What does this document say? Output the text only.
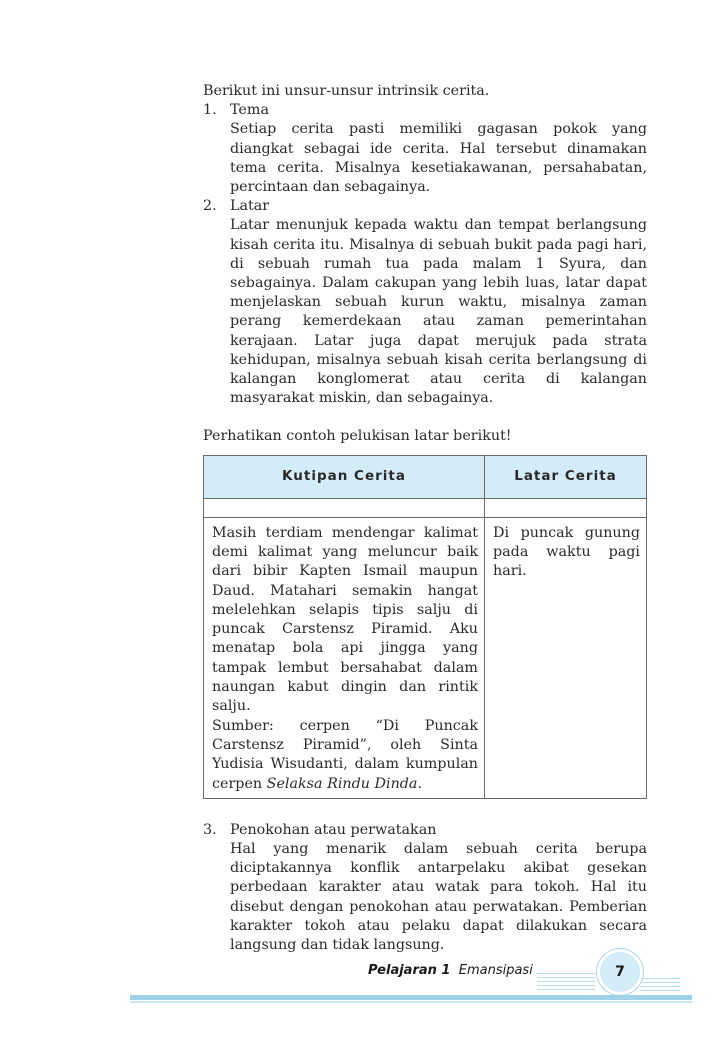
Berikut ini unsur-unsur intrinsik cerita.

1. Tema

Setiap cerita pasti memiliki gagasan pokok yang diangkat sebagai ide cerita. Hal tersebut dinamakan tema cerita. Misalnya kesetiakawanan, persahabatan, percintaan dan sebagainya.

2. Latar

Latar menunjuk kepada waktu dan tempat berlangsung kisah cerita itu. Misalnya di sebuah bukit pada pagi hari, di sebuah rumah tua pada malam 1 Syura, dan sebagainya. Dalam cakupan yang lebih luas, latar dapat menjelaskan sebuah kurun waktu, misalnya zaman perang kemerdekaan atau zaman pemerintahan kerajaan. Latar juga dapat merujuk pada strata kehidupan, misalnya sebuah kisah cerita berlangsung di kalangan konglomerat atau cerita di kalangan masyarakat miskin, dan sebagainya.

Perhatikan contoh pelukisan latar berikut!

Kutipan Cerita	Latar Cerita

Masih terdiam mendengar kalimat demi kalimat yang meluncur baik dari bibir Kapten Ismail maupun Daud. Matahari semakin hangat melelehkan selapis tipis salju di puncak Carstensz Piramid. Aku menatap bola api jingga yang tampak lembut bersahabat dalam naungan kabut dingin dan rintik salju.
Sumber: cerpen “Di Puncak Carstensz Piramid”, oleh Sinta Yudisia Wisudanti, dalam kumpulan cerpen Selaksa Rindu Dinda.	Di puncak gunung pada waktu pagi hari.
3. Penokohan atau perwatakan

Hal yang menarik dalam sebuah cerita berupa diciptakannya konflik antarpelaku akibat gesekan perbedaan karakter atau watak para tokoh. Hal itu disebut dengan penokohan atau perwatakan. Pemberian karakter tokoh atau pelaku dapat dilakukan secara langsung dan tidak langsung.

Pelajaran 1 Emansipasi	7
